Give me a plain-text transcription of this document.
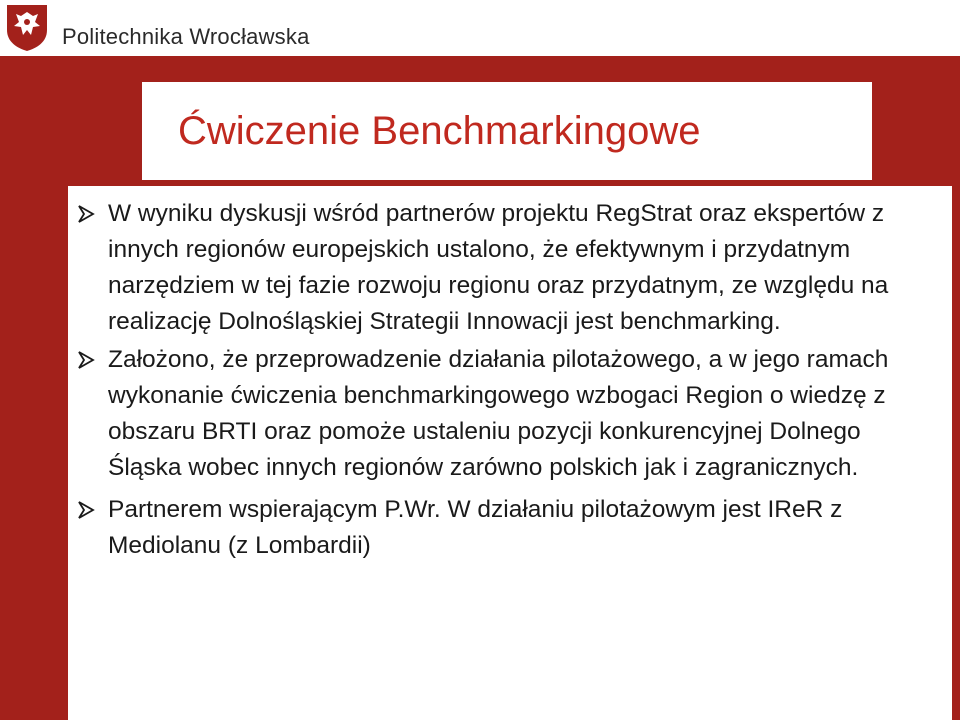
Politechnika Wrocławska
Ćwiczenie Benchmarkingowe
W wyniku dyskusji wśród partnerów projektu RegStrat oraz ekspertów z innych regionów europejskich ustalono, że efektywnym i przydatnym narzędziem w tej fazie rozwoju regionu oraz przydatnym, ze względu na realizację Dolnośląskiej Strategii Innowacji jest benchmarking.
Założono, że przeprowadzenie działania pilotażowego, a w jego ramach wykonanie ćwiczenia benchmarkingowego wzbogaci Region o wiedzę z obszaru BRTI oraz pomoże ustaleniu pozycji konkurencyjnej Dolnego Śląska wobec innych regionów zarówno polskich jak i zagranicznych.
Partnerem wspierającym P.Wr. W działaniu pilotażowym jest IReR z Mediolanu (z Lombardii)
